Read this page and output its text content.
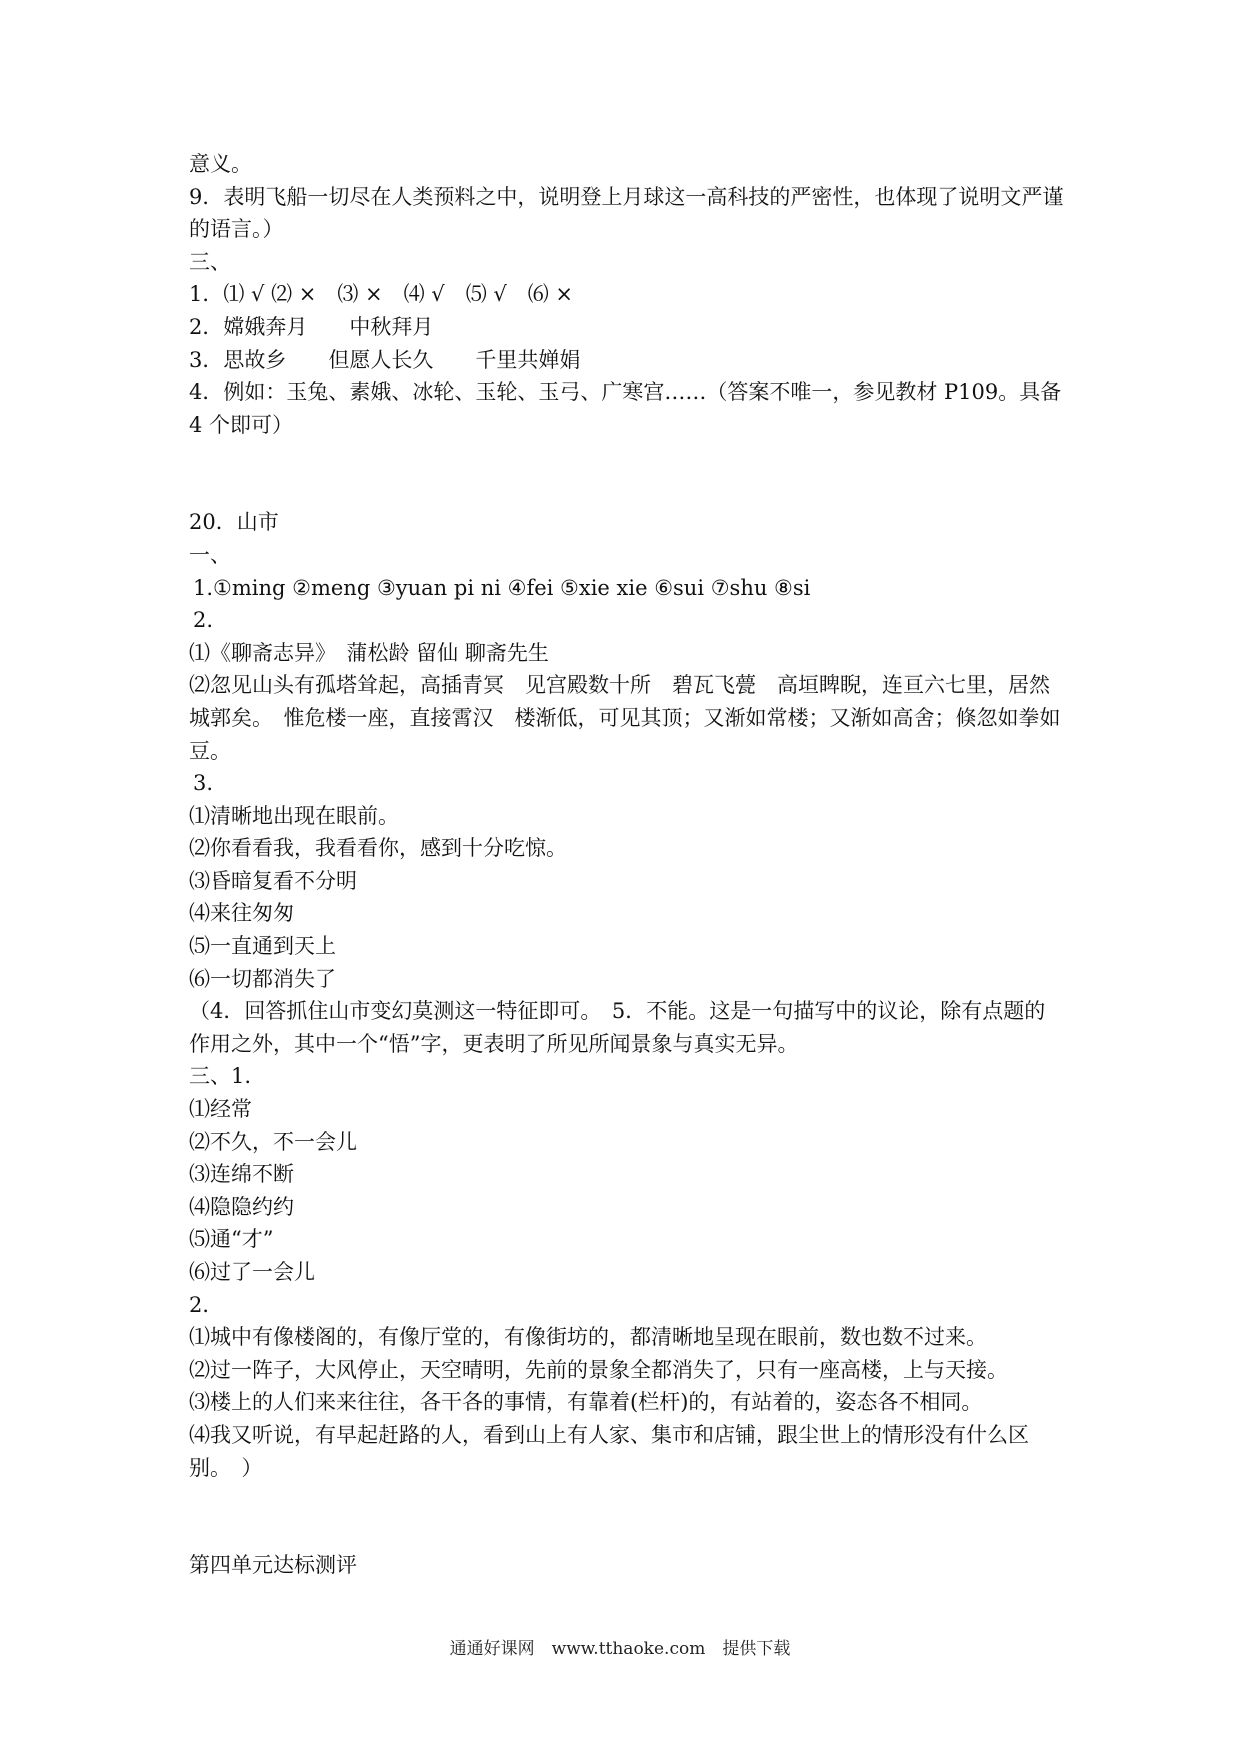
意义。
9．表明飞船一切尽在人类预料之中，说明登上月球这一高科技的严密性，也体现了说明文严谨的语言。）
三、
1．⑴ √ ⑵ ×　⑶ ×　⑷ √　⑸ √　⑹ ×
2．嫦娥奔月　　中秋拜月
3．思故乡　　但愿人长久　　千里共婵娟
4．例如：玉兔、素娥、冰轮、玉轮、玉弓、广寒宫……（答案不唯一，参见教材 P109。具备 4 个即可）
20．山市
一、
1.①ming ②meng ③yuan pi ni ④fei ⑤xie xie ⑥sui ⑦shu ⑧si
2.
⑴《聊斋志异》　蒲松龄 留仙 聊斋先生
⑵忽见山头有孤塔耸起，高插青冥　见宫殿数十所　碧瓦飞甍　高垣睥睨，连亘六七里，居然城郭矣。　惟危楼一座，直接霄汉　楼渐低，可见其顶；又渐如常楼；又渐如高舍；倏忽如拳如豆。
3.
⑴清晰地出现在眼前。
⑵你看看我，我看看你，感到十分吃惊。
⑶昏暗复看不分明
⑷来往匆匆
⑸一直通到天上
⑹一切都消失了
（4．回答抓住山市变幻莫测这一特征即可。　5．不能。这是一句描写中的议论，除有点题的作用之外，其中一个“悟”字，更表明了所见所闻景象与真实无异。
三、1.
⑴经常
⑵不久，不一会儿
⑶连绵不断
⑷隐隐约约
⑸通“才”
⑹过了一会儿
2．
⑴城中有像楼阁的，有像厅堂的，有像街坊的，都清晰地呈现在眼前，数也数不过来。
⑵过一阵子，大风停止，天空晴明，先前的景象全都消失了，只有一座高楼，上与天接。
⑶楼上的人们来来往往，各干各的事情，有靠着(栏杆)的，有站着的，姿态各不相同。
⑷我又听说，有早起赶路的人，看到山上有人家、集市和店铺，跟尘世上的情形没有什么区别。　）
第四单元达标测评
通通好课网　www.tthaoke.com　提供下载
